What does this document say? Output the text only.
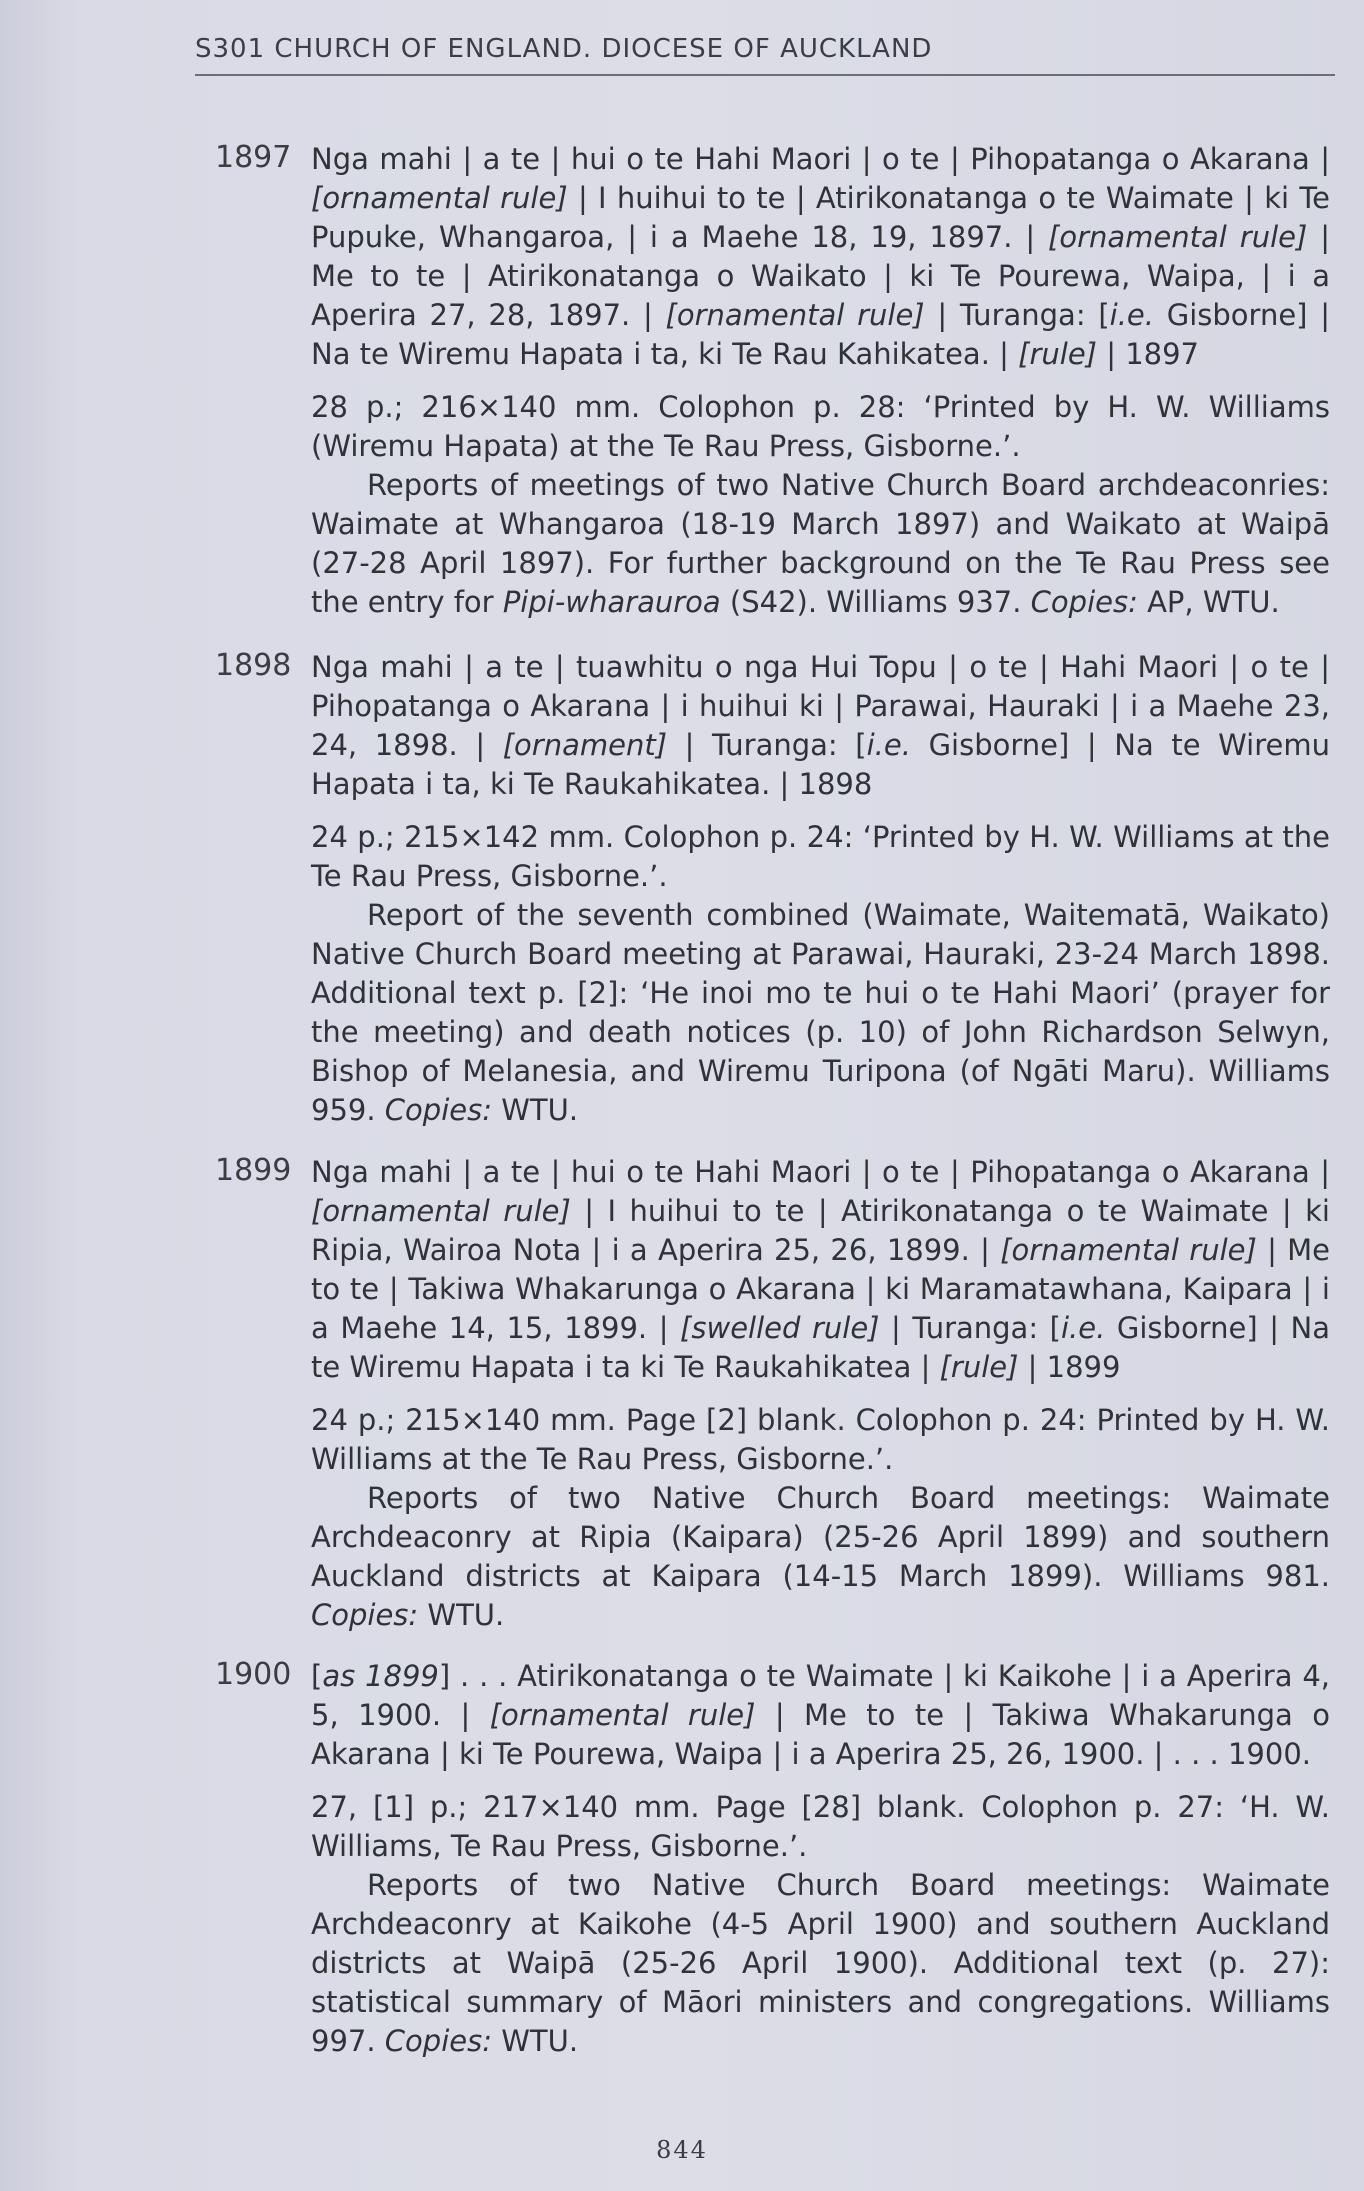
S301 CHURCH OF ENGLAND. DIOCESE OF AUCKLAND
1897 Nga mahi | a te | hui o te Hahi Maori | o te | Pihopatanga o Akarana | [ornamental rule] | I huihui to te | Atirikonatanga o te Waimate | ki Te Pupuke, Whangaroa, | i a Maehe 18, 19, 1897. | [ornamental rule] | Me to te | Atirikonatanga o Waikato | ki Te Pourewa, Waipa, | i a Aperira 27, 28, 1897. | [ornamental rule] | Turanga: [i.e. Gisborne] | Na te Wiremu Hapata i ta, ki Te Rau Kahikatea. | [rule] | 1897

28 p.; 216×140 mm. Colophon p. 28: ‘Printed by H. W. Williams (Wiremu Hapata) at the Te Rau Press, Gisborne.’.

Reports of meetings of two Native Church Board archdeaconries: Waimate at Whangaroa (18-19 March 1897) and Waikato at Waipā (27-28 April 1897). For further background on the Te Rau Press see the entry for Pipi-wharauroa (S42). Williams 937. Copies: AP, WTU.

1898 Nga mahi | a te | tuawhitu o nga Hui Topu | o te | Hahi Maori | o te | Pihopatanga o Akarana | i huihui ki | Parawai, Hauraki | i a Maehe 23, 24, 1898. | [ornament] | Turanga: [i.e. Gisborne] | Na te Wiremu Hapata i ta, ki Te Raukahikatea. | 1898

24 p.; 215×142 mm. Colophon p. 24: ‘Printed by H. W. Williams at the Te Rau Press, Gisborne.’.

Report of the seventh combined (Waimate, Waitematā, Waikato) Native Church Board meeting at Parawai, Hauraki, 23-24 March 1898. Additional text p. [2]: ‘He inoi mo te hui o te Hahi Maori’ (prayer for the meeting) and death notices (p. 10) of John Richardson Selwyn, Bishop of Melanesia, and Wiremu Turipona (of Ngāti Maru). Williams 959. Copies: WTU.

1899 Nga mahi | a te | hui o te Hahi Maori | o te | Pihopatanga o Akarana | [ornamental rule] | I huihui to te | Atirikonatanga o te Waimate | ki Ripia, Wairoa Nota | i a Aperira 25, 26, 1899. | [ornamental rule] | Me to te | Takiwa Whakarunga o Akarana | ki Maramatawhana, Kaipara | i a Maehe 14, 15, 1899. | [swelled rule] | Turanga: [i.e. Gisborne] | Na te Wiremu Hapata i ta ki Te Raukahikatea | [rule] | 1899

24 p.; 215×140 mm. Page [2] blank. Colophon p. 24: Printed by H. W. Williams at the Te Rau Press, Gisborne.’.

Reports of two Native Church Board meetings: Waimate Archdeaconry at Ripia (Kaipara) (25-26 April 1899) and southern Auckland districts at Kaipara (14-15 March 1899). Williams 981. Copies: WTU.

1900 [as 1899] . . . Atirikonatanga o te Waimate | ki Kaikohe | i a Aperira 4, 5, 1900. | [ornamental rule] | Me to te | Takiwa Whakarunga o Akarana | ki Te Pourewa, Waipa | i a Aperira 25, 26, 1900. | . . . 1900.

27, [1] p.; 217×140 mm. Page [28] blank. Colophon p. 27: ‘H. W. Williams, Te Rau Press, Gisborne.’.

Reports of two Native Church Board meetings: Waimate Archdeaconry at Kaikohe (4-5 April 1900) and southern Auckland districts at Waipā (25-26 April 1900). Additional text (p. 27): statistical summary of Māori ministers and congregations. Williams 997. Copies: WTU.

844
